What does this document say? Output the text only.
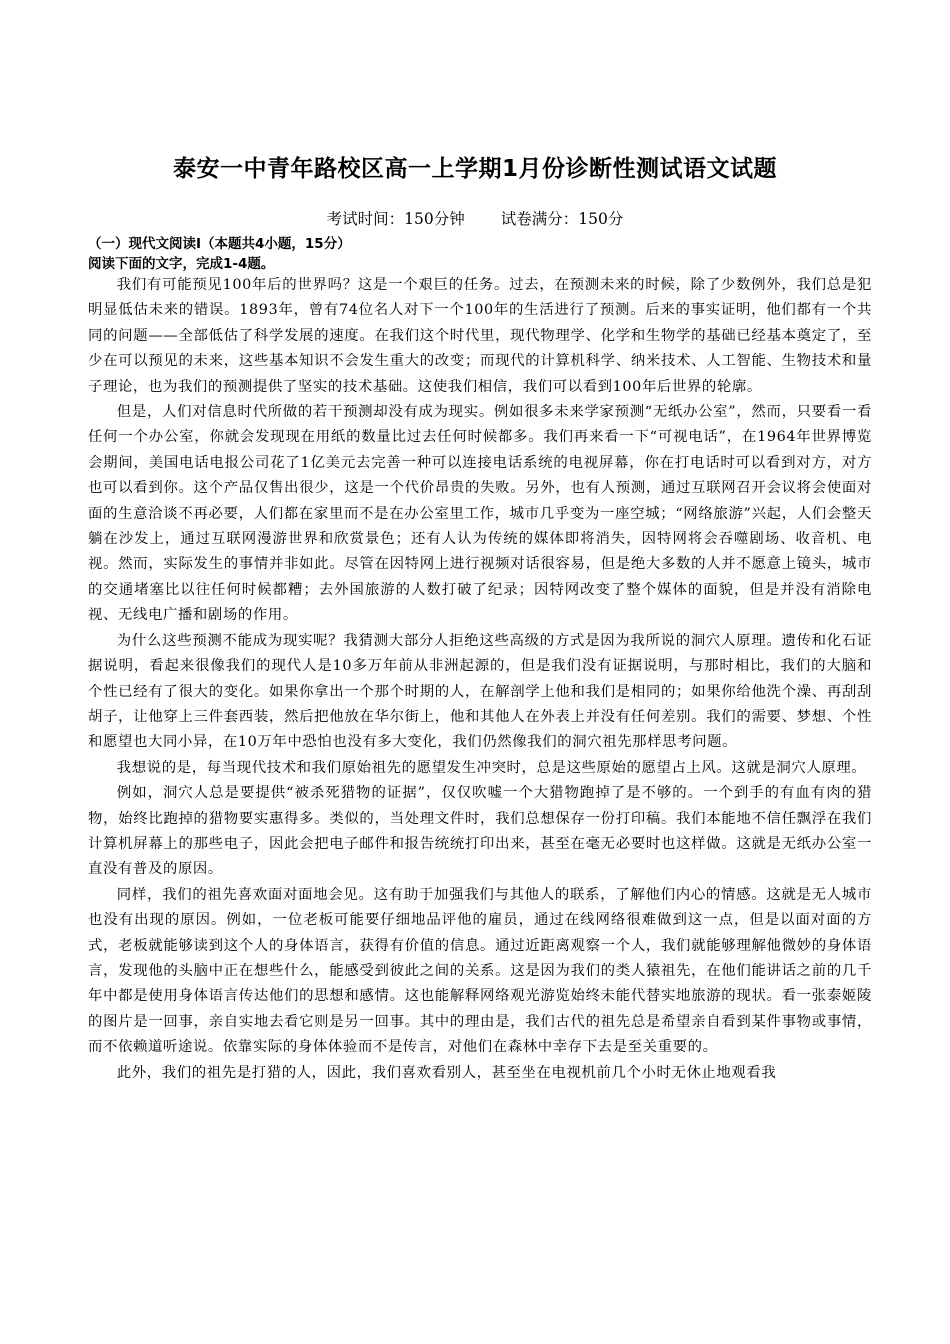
泰安一中青年路校区高一上学期1月份诊断性测试语文试题
考试时间：150分钟 试卷满分：150分
（一）现代文阅读Ⅰ（本题共4小题，15分）
阅读下面的文字，完成1-4题。

我们有可能预见100年后的世界吗？这是一个艰巨的任务。过去，在预测未来的时候，除了少数例外，我们总是犯明显低估未来的错误。1893年，曾有74位名人对下一个100年的生活进行了预测。后来的事实证明，他们都有一个共同的问题——全部低估了科学发展的速度。在我们这个时代里，现代物理学、化学和生物学的基础已经基本奠定了，至少在可以预见的未来，这些基本知识不会发生重大的改变；而现代的计算机科学、纳米技术、人工智能、生物技术和量子理论，也为我们的预测提供了坚实的技术基础。这使我们相信，我们可以看到100年后世界的轮廓。

但是，人们对信息时代所做的若干预测却没有成为现实。例如很多未来学家预测“无纸办公室”，然而，只要看一看任何一个办公室，你就会发现现在用纸的数量比过去任何时候都多。我们再来看一下“可视电话”，在1964年世界博览会期间，美国电话电报公司花了1亿美元去完善一种可以连接电话系统的电视屏幕，你在打电话时可以看到对方，对方也可以看到你。这个产品仅售出很少，这是一个代价昂贵的失败。另外，也有人预测，通过互联网召开会议将会使面对面的生意洽谈不再必要，人们都在家里而不是在办公室里工作，城市几乎变为一座空城；“网络旅游”兴起，人们会整天躺在沙发上，通过互联网漫游世界和欣赏景色；还有人认为传统的媒体即将消失，因特网将会吞噬剧场、收音机、电视。然而，实际发生的事情并非如此。尽管在因特网上进行视频对话很容易，但是绝大多数的人并不愿意上镜头，城市的交通堵塞比以往任何时候都糟；去外国旅游的人数打破了纪录；因特网改变了整个媒体的面貌，但是并没有消除电视、无线电广播和剧场的作用。

为什么这些预测不能成为现实呢？我猜测大部分人拒绝这些高级的方式是因为我所说的洞穴人原理。遗传和化石证据说明，看起来很像我们的现代人是10多万年前从非洲起源的，但是我们没有证据说明，与那时相比，我们的大脑和个性已经有了很大的变化。如果你拿出一个那个时期的人，在解剖学上他和我们是相同的；如果你给他洗个澡、再刮刮胡子，让他穿上三件套西装，然后把他放在华尔街上，他和其他人在外表上并没有任何差别。我们的需要、梦想、个性和愿望也大同小异，在10万年中恐怕也没有多大变化，我们仍然像我们的洞穴祖先那样思考问题。

我想说的是，每当现代技术和我们原始祖先的愿望发生冲突时，总是这些原始的愿望占上风。这就是洞穴人原理。

例如，洞穴人总是要提供“被杀死猎物的证据”，仅仅吹嘘一个大猎物跑掉了是不够的。一个到手的有血有肉的猎物，始终比跑掉的猎物要实惠得多。类似的，当处理文件时，我们总想保存一份打印稿。我们本能地不信任飘浮在我们计算机屏幕上的那些电子，因此会把电子邮件和报告统统打印出来，甚至在毫无必要时也这样做。这就是无纸办公室一直没有普及的原因。

同样，我们的祖先喜欢面对面地会见。这有助于加强我们与其他人的联系，了解他们内心的情感。这就是无人城市也没有出现的原因。例如，一位老板可能要仔细地品评他的雇员，通过在线网络很难做到这一点，但是以面对面的方式，老板就能够读到这个人的身体语言，获得有价值的信息。通过近距离观察一个人，我们就能够理解他微妙的身体语言，发现他的头脑中正在想些什么，能感受到彼此之间的关系。这是因为我们的类人猿祖先，在他们能讲话之前的几千年中都是使用身体语言传达他们的思想和感情。这也能解释网络观光游览始终未能代替实地旅游的现状。看一张泰姬陵的图片是一回事，亲自实地去看它则是另一回事。其中的理由是，我们古代的祖先总是希望亲自看到某件事物或事情，而不依赖道听途说。依靠实际的身体体验而不是传言，对他们在森林中幸存下去是至关重要的。

此外，我们的祖先是打猎的人，因此，我们喜欢看别人，甚至坐在电视机前几个小时无休止地观看我
